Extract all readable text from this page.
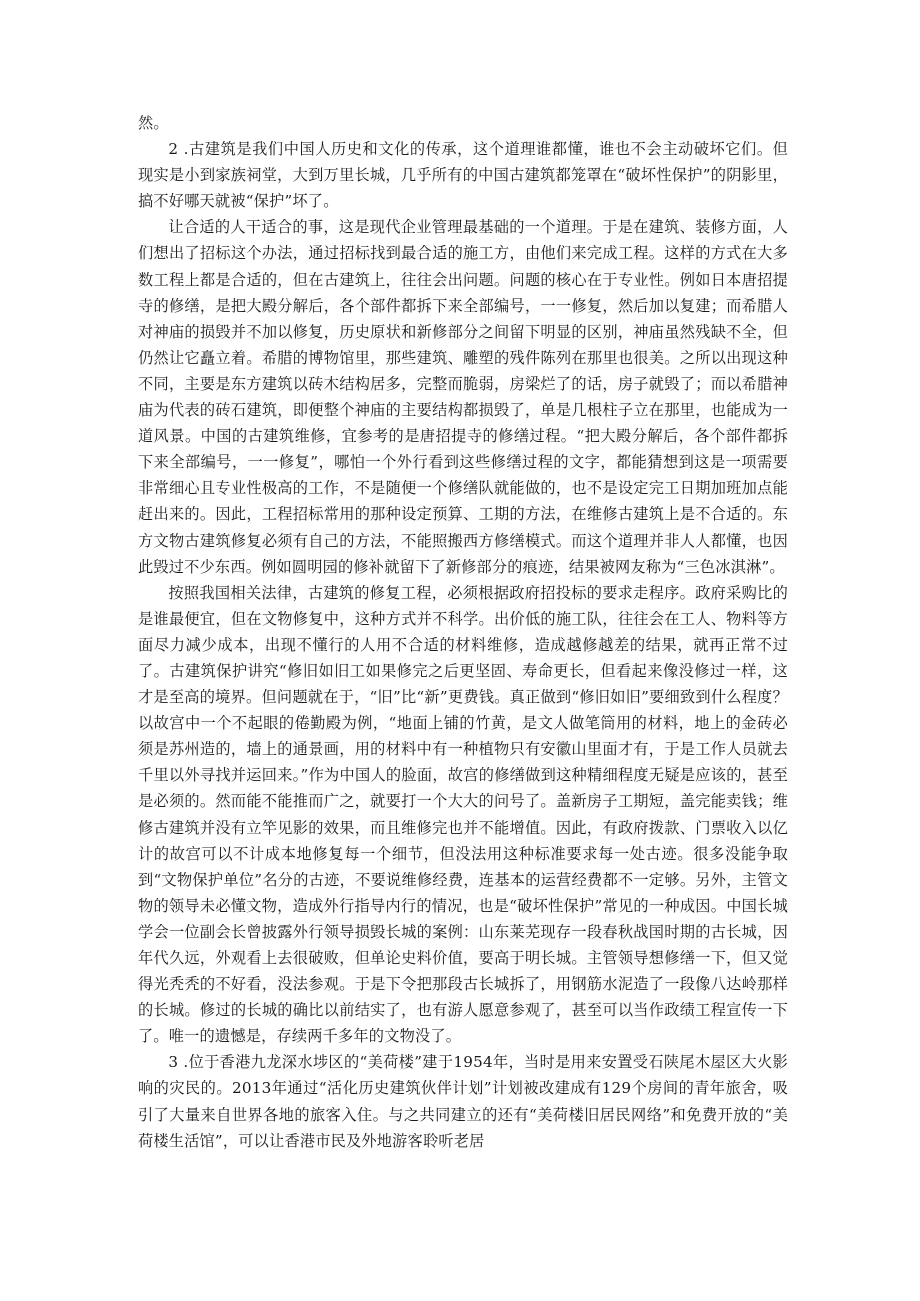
然。

2 .古建筑是我们中国人历史和文化的传承，这个道理谁都懂，谁也不会主动破坏它们。但现实是小到家族祠堂，大到万里长城，几乎所有的中国古建筑都笼罩在“破坏性保护”的阴影里，搞不好哪天就被“保护”坏了。

让合适的人干适合的事，这是现代企业管理最基础的一个道理。于是在建筑、装修方面，人们想出了招标这个办法，通过招标找到最合适的施工方，由他们来完成工程。这样的方式在大多数工程上都是合适的，但在古建筑上，往往会出问题。问题的核心在于专业性。例如日本唐招提寺的修缮，是把大殿分解后，各个部件都拆下来全部编号，一一修复，然后加以复建；而希腊人对神庙的损毁并不加以修复，历史原状和新修部分之间留下明显的区别，神庙虽然残缺不全，但仍然让它矗立着。希腊的博物馆里，那些建筑、雕塑的残件陈列在那里也很美。之所以出现这种不同，主要是东方建筑以砖木结构居多，完整而脆弱，房梁烂了的话，房子就毁了；而以希腊神庙为代表的砖石建筑，即便整个神庙的主要结构都损毁了，单是几根柱子立在那里，也能成为一道风景。中国的古建筑维修，宜参考的是唐招提寺的修缮过程。“把大殿分解后，各个部件都拆下来全部编号，一一修复”，哪怕一个外行看到这些修缮过程的文字，都能猜想到这是一项需要非常细心且专业性极高的工作，不是随便一个修缮队就能做的，也不是设定完工日期加班加点能赶出来的。因此，工程招标常用的那种设定预算、工期的方法，在维修古建筑上是不合适的。东方文物古建筑修复必须有自己的方法，不能照搬西方修缮模式。而这个道理并非人人都懂，也因此毁过不少东西。例如圆明园的修补就留下了新修部分的痕迹，结果被网友称为“三色冰淇淋”。

按照我国相关法律，古建筑的修复工程，必须根据政府招投标的要求走程序。政府采购比的是谁最便宜，但在文物修复中，这种方式并不科学。出价低的施工队，往往会在工人、物料等方面尽力减少成本，出现不懂行的人用不合适的材料维修，造成越修越差的结果，就再正常不过了。古建筑保护讲究“修旧如旧工如果修完之后更坚固、寿命更长，但看起来像没修过一样，这才是至高的境界。但问题就在于，“旧”比“新”更费钱。真正做到“修旧如旧”要细致到什么程度？以故宫中一个不起眼的倦勤殿为例，“地面上铺的竹黄，是文人做笔筒用的材料，地上的金砖必须是苏州造的，墙上的通景画，用的材料中有一种植物只有安徽山里面才有，于是工作人员就去千里以外寻找并运回来。”作为中国人的脸面，故宫的修缮做到这种精细程度无疑是应该的，甚至是必须的。然而能不能推而广之，就要打一个大大的问号了。盖新房子工期短，盖完能卖钱；维修古建筑并没有立竿见影的效果，而且维修完也并不能增值。因此，有政府拨款、门票收入以亿计的故宫可以不计成本地修复每一个细节，但没法用这种标准要求每一处古迹。很多没能争取到“文物保护单位”名分的古迹，不要说维修经费，连基本的运营经费都不一定够。另外，主管文物的领导未必懂文物，造成外行指导内行的情况，也是“破坏性保护”常见的一种成因。中国长城学会一位副会长曾披露外行领导损毁长城的案例：山东莱芜现存一段春秋战国时期的古长城，因年代久远，外观看上去很破败，但单论史料价值，要高于明长城。主管领导想修缮一下，但又觉得光秃秃的不好看，没法参观。于是下令把那段古长城拆了，用钢筋水泥造了一段像八达岭那样的长城。修过的长城的确比以前结实了，也有游人愿意参观了，甚至可以当作政绩工程宣传一下了。唯一的遗憾是，存续两千多年的文物没了。

3 .位于香港九龙深水埗区的“美荷楼”建于1954年，当时是用来安置受石陕尾木屋区大火影响的灾民的。2013年通过“活化历史建筑伙伴计划”计划被改建成有129个房间的青年旅舍，吸引了大量来自世界各地的旅客入住。与之共同建立的还有“美荷楼旧居民网络”和免费开放的“美荷楼生活馆”，可以让香港市民及外地游客聆听老居
